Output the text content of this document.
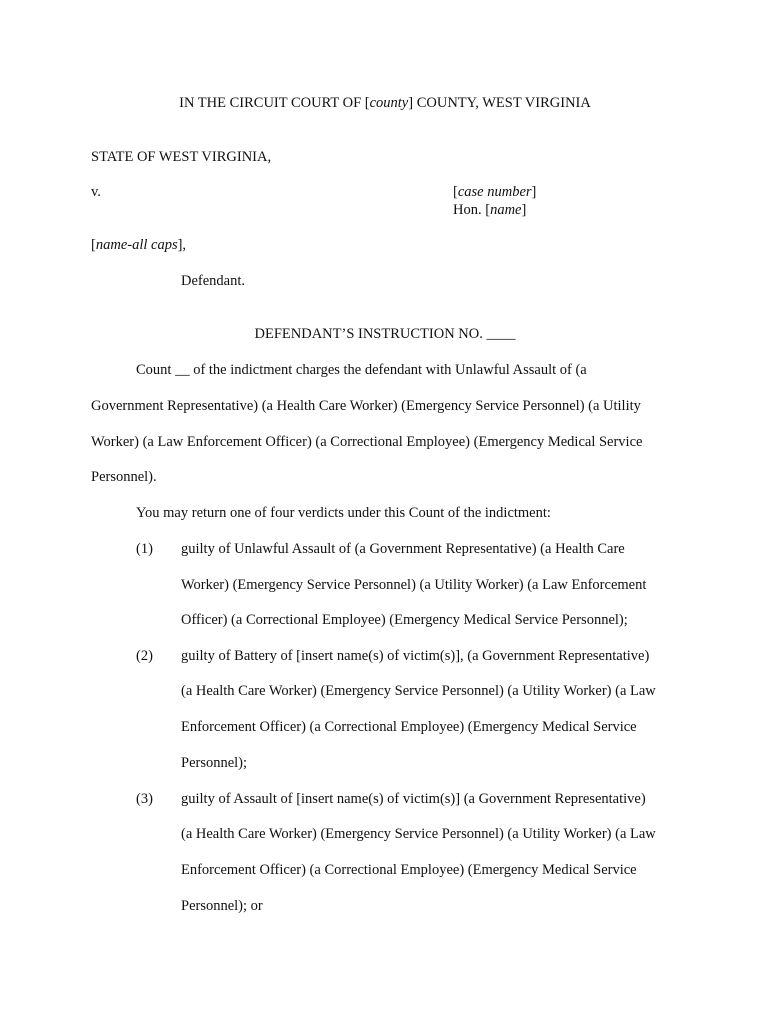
IN THE CIRCUIT COURT OF [county] COUNTY, WEST VIRGINIA
STATE OF WEST VIRGINIA,
v.	[case number]
Hon. [name]
[name-all caps],
Defendant.
DEFENDANT’S INSTRUCTION NO. ____
Count __ of the indictment charges the defendant with Unlawful Assault of (a
Government Representative) (a Health Care Worker) (Emergency Service Personnel) (a Utility
Worker) (a Law Enforcement Officer) (a Correctional Employee) (Emergency Medical Service
Personnel).
You may return one of four verdicts under this Count of the indictment:
(1) guilty of Unlawful Assault of (a Government Representative) (a Health Care
Worker) (Emergency Service Personnel) (a Utility Worker) (a Law Enforcement
Officer) (a Correctional Employee) (Emergency Medical Service Personnel);
(2) guilty of Battery of [insert name(s) of victim(s)], (a Government Representative)
(a Health Care Worker) (Emergency Service Personnel) (a Utility Worker) (a Law
Enforcement Officer) (a Correctional Employee) (Emergency Medical Service
Personnel);
(3) guilty of Assault of [insert name(s) of victim(s)] (a Government Representative)
(a Health Care Worker) (Emergency Service Personnel) (a Utility Worker) (a Law
Enforcement Officer) (a Correctional Employee) (Emergency Medical Service
Personnel); or
